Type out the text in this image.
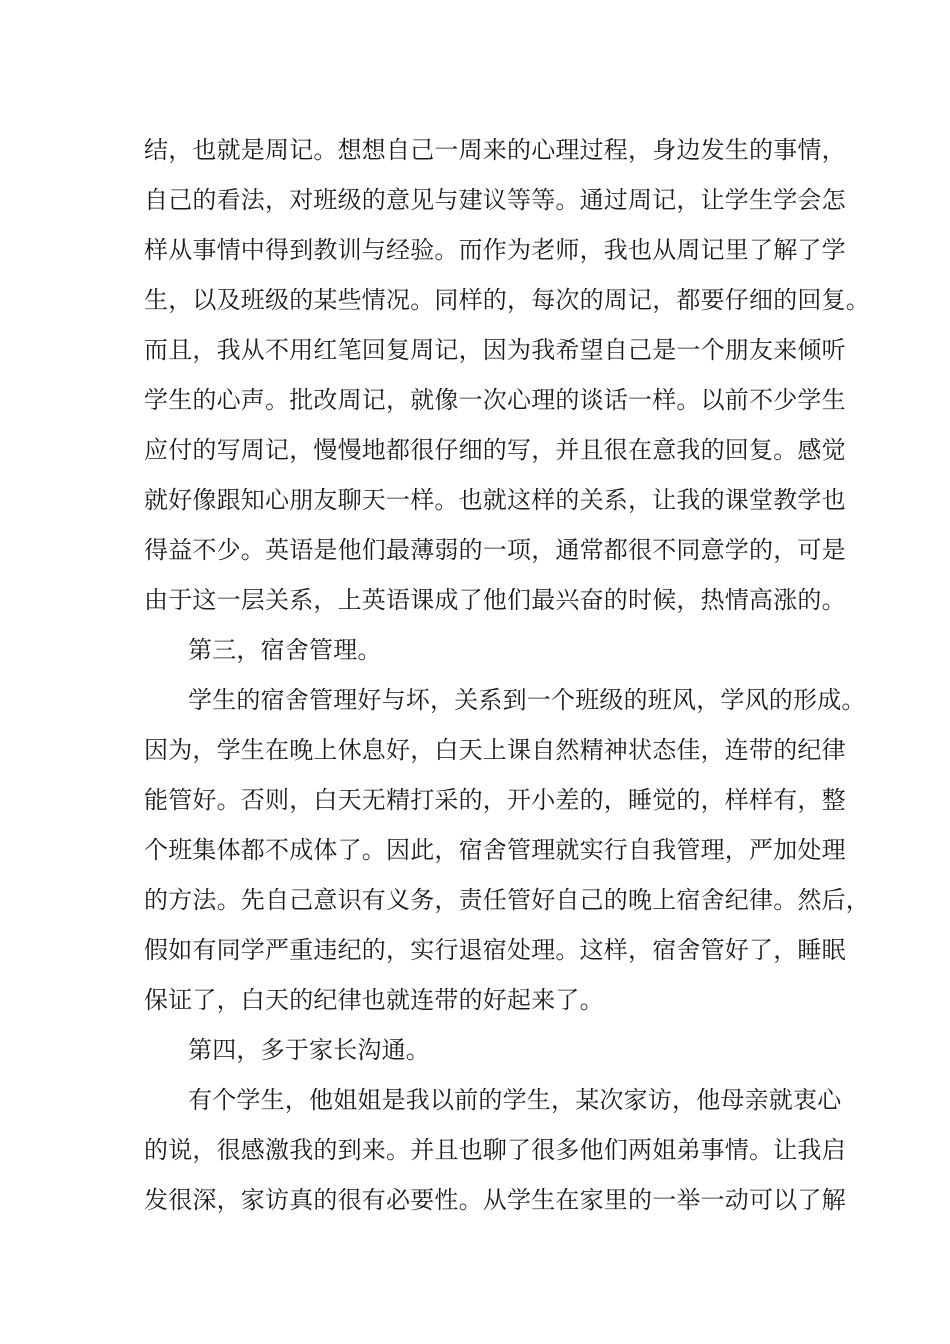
结，也就是周记。想想自己一周来的心理过程，身边发生的事情，

自己的看法，对班级的意见与建议等等。通过周记，让学生学会怎

样从事情中得到教训与经验。而作为老师，我也从周记里了解了学

生，以及班级的某些情况。同样的，每次的周记，都要仔细的回复。

而且，我从不用红笔回复周记，因为我希望自己是一个朋友来倾听

学生的心声。批改周记，就像一次心理的谈话一样。以前不少学生

应付的写周记，慢慢地都很仔细的写，并且很在意我的回复。感觉

就好像跟知心朋友聊天一样。也就这样的关系，让我的课堂教学也

得益不少。英语是他们最薄弱的一项，通常都很不同意学的，可是

由于这一层关系，上英语课成了他们最兴奋的时候，热情高涨的。

第三，宿舍管理。

学生的宿舍管理好与坏，关系到一个班级的班风，学风的形成。

因为，学生在晚上休息好，白天上课自然精神状态佳，连带的纪律

能管好。否则，白天无精打采的，开小差的，睡觉的，样样有，整

个班集体都不成体了。因此，宿舍管理就实行自我管理，严加处理

的方法。先自己意识有义务，责任管好自己的晚上宿舍纪律。然后，

假如有同学严重违纪的，实行退宿处理。这样，宿舍管好了，睡眠

保证了，白天的纪律也就连带的好起来了。

第四，多于家长沟通。

有个学生，他姐姐是我以前的学生，某次家访，他母亲就衷心

的说，很感激我的到来。并且也聊了很多他们两姐弟事情。让我启

发很深，家访真的很有必要性。从学生在家里的一举一动可以了解
